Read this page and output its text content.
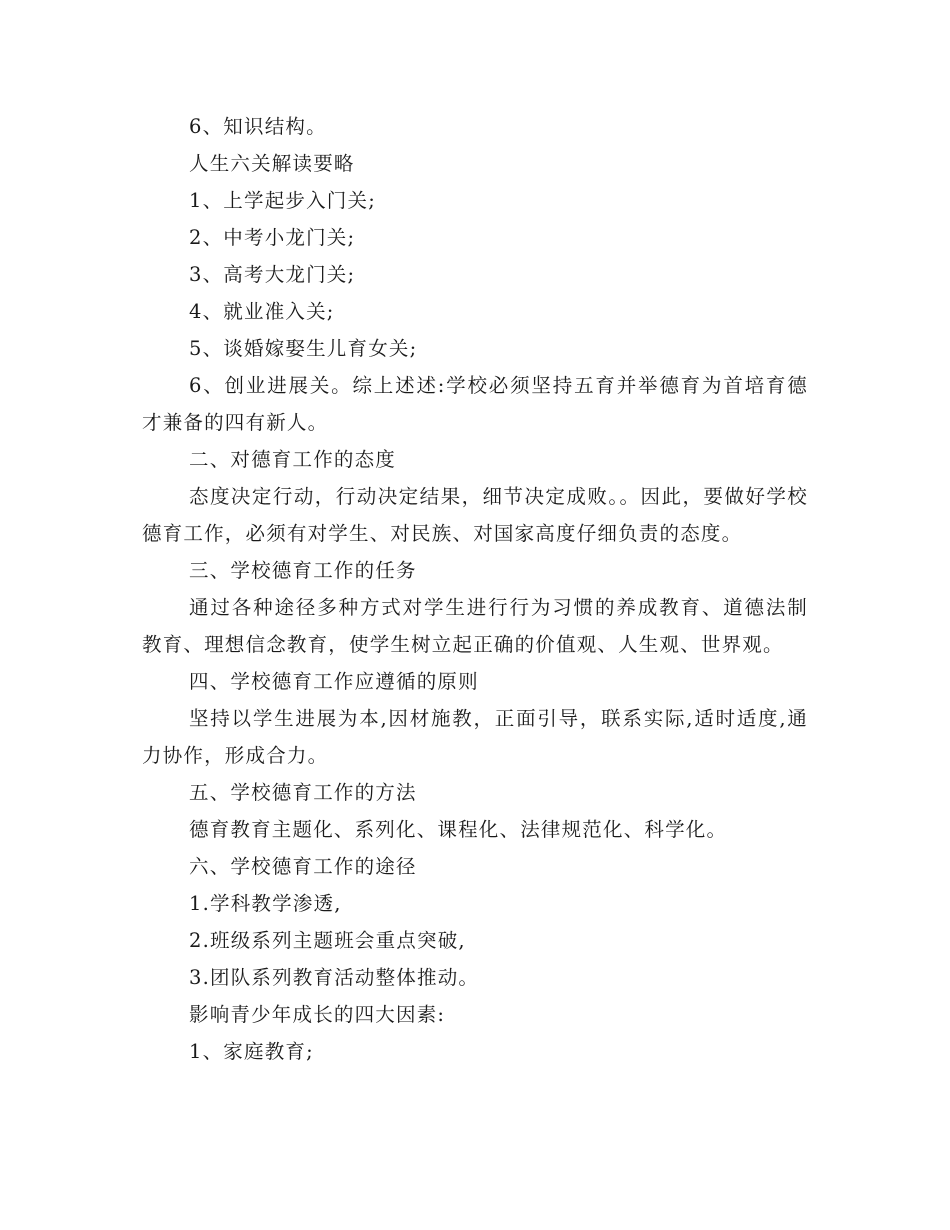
6、知识结构。

人生六关解读要略

1、上学起步入门关;

2、中考小龙门关;

3、高考大龙门关;

4、就业准入关;

5、谈婚嫁娶生儿育女关;

6、创业进展关。综上述述:学校必须坚持五育并举德育为首培育德才兼备的四有新人。

二、对德育工作的态度

态度决定行动，行动决定结果，细节决定成败。。因此，要做好学校德育工作，必须有对学生、对民族、对国家高度仔细负责的态度。

三、学校德育工作的任务

通过各种途径多种方式对学生进行行为习惯的养成教育、道德法制教育、理想信念教育，使学生树立起正确的价值观、人生观、世界观。

四、学校德育工作应遵循的原则

坚持以学生进展为本,因材施教，正面引导，联系实际,适时适度,通力协作，形成合力。

五、学校德育工作的方法

德育教育主题化、系列化、课程化、法律规范化、科学化。

六、学校德育工作的途径

1.学科教学渗透,

2.班级系列主题班会重点突破,

3.团队系列教育活动整体推动。

影响青少年成长的四大因素:

1、家庭教育;
